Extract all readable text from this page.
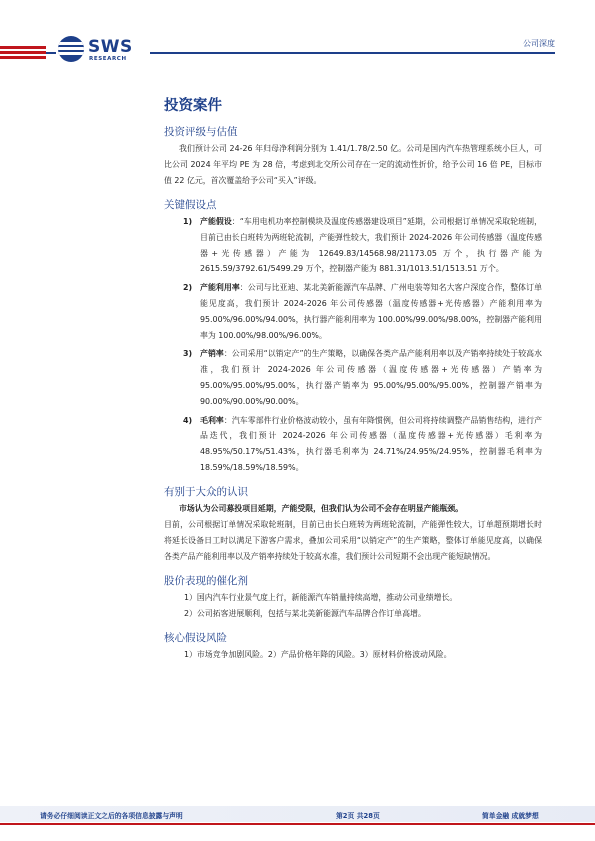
SWS
RESEARCH
公司深度
投资案件
投资评级与估值

我们预计公司 24-26 年归母净利润分别为 1.41/1.78/2.50 亿。公司是国内汽车热管理系统小巨人，可比公司 2024 年平均 PE 为 28 倍，考虑到北交所公司存在一定的流动性折价，给予公司 16 倍 PE，目标市值 22 亿元，首次覆盖给予公司“买入”评级。

关键假设点
1) 产能假设：“车用电机功率控制模块及温度传感器建设项目”延期，公司根据订单情况采取轮班制，目前已由长白班转为两班轮流制，产能弹性较大，我们预计 2024-2026 年公司传感器（温度传感器+光传感器）产能为 12649.83/14568.98/21173.05 万个，执行器产能为 2615.59/3792.61/5499.29 万个，控制器产能为 881.31/1013.51/1513.51 万个。
2) 产能利用率：公司与比亚迪、某北美新能源汽车品牌、广州电装等知名大客户深度合作，整体订单能见度高，我们预计 2024-2026 年公司传感器（温度传感器+光传感器）产能利用率为 95.00%/96.00%/94.00%，执行器产能利用率为 100.00%/99.00%/98.00%，控制器产能利用率为 100.00%/98.00%/96.00%。
3) 产销率：公司采用“以销定产”的生产策略，以确保各类产品产能利用率以及产销率持续处于较高水准，我们预计 2024-2026 年公司传感器（温度传感器+光传感器）产销率为 95.00%/95.00%/95.00%，执行器产销率为 95.00%/95.00%/95.00%，控制器产销率为 90.00%/90.00%/90.00%。
4) 毛利率：汽车零部件行业价格波动较小，虽有年降惯例，但公司将持续调整产品销售结构，进行产品迭代，我们预计 2024-2026 年公司传感器（温度传感器+光传感器）毛利率为 48.95%/50.17%/51.43%，执行器毛利率为 24.71%/24.95%/24.95%，控制器毛利率为 18.59%/18.59%/18.59%。
有别于大众的认识

市场认为公司募投项目延期，产能受限，但我们认为公司不会存在明显产能瓶颈。

目前，公司根据订单情况采取轮班制，目前已由长白班转为两班轮流制，产能弹性较大，订单超预期增长时将延长设备日工时以满足下游客户需求，叠加公司采用“以销定产”的生产策略，整体订单能见度高，以确保各类产品产能利用率以及产销率持续处于较高水准，我们预计公司短期不会出现产能短缺情况。

股价表现的催化剂
1）国内汽车行业景气度上行，新能源汽车销量持续高增，推动公司业绩增长。
2）公司拓客进展顺利，包括与某北美新能源汽车品牌合作订单高增。
核心假设风险
1）市场竞争加剧风险。2）产品价格年降的风险。3）原材料价格波动风险。
请务必仔细阅读正文之后的各项信息披露与声明	第2页 共28页	简单金融 成就梦想
